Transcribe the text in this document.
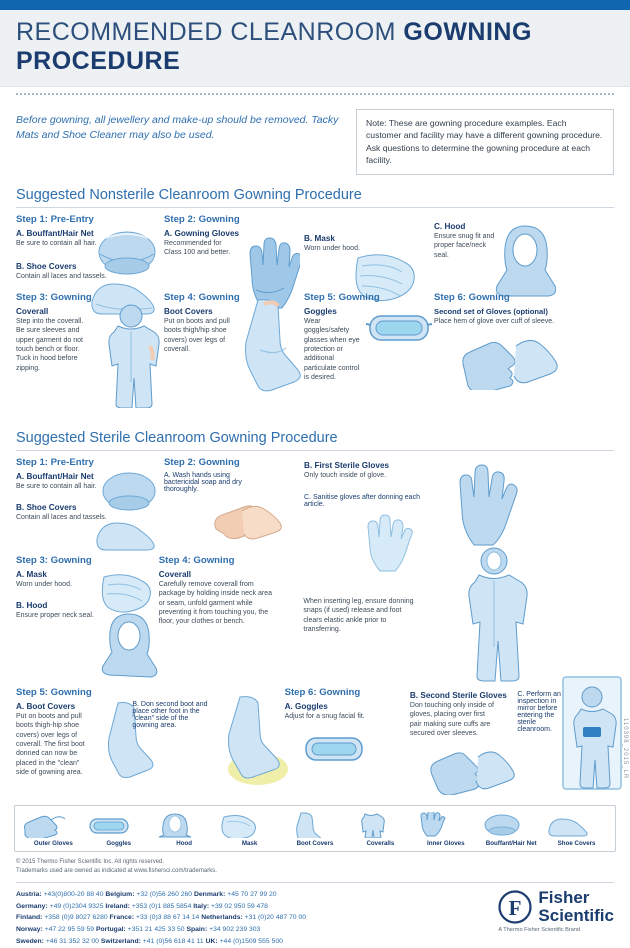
RECOMMENDED CLEANROOM GOWNING PROCEDURE
Before gowning, all jewellery and make-up should be removed. Tacky Mats and Shoe Cleaner may also be used.
Note: These are gowning procedure examples. Each customer and facility may have a different gowning procedure. Ask questions to determine the gowning procedure at each facility.
Suggested Nonsterile Cleanroom Gowning Procedure
Step 1: Pre-Entry
A. Bouffant/Hair Net
Be sure to contain all hair.
B. Shoe Covers
Contain all laces and tassels.
Step 2: Gowning
A. Gowning Gloves
Recommended for Class 100 and better.
B. Mask
Worn under hood.
C. Hood
Ensure snug fit and proper face/neck seal.
Step 3: Gowning
Coverall
Step into the coverall. Be sure sleeves and upper garment do not touch bench or floor. Tuck in hood before zipping.
Step 4: Gowning
Boot Covers
Put on boots and pull boots thigh/hip shoe covers) over legs of coverall.
Step 5: Gowning
Goggles
Wear goggles/safety glasses when eye protection or additional particulate control is desired.
Step 6: Gowning
Second set of Gloves (optional)
Place hem of glove over cuff of sleeve.
Suggested Sterile Cleanroom Gowning Procedure
Step 1: Pre-Entry
A. Bouffant/Hair Net
Be sure to contain all hair.
B. Shoe Covers
Contain all laces and tassels.
Step 2: Gowning
A. Wash hands using bactericidal soap and dry thoroughly.
B. First Sterile Gloves
Only touch inside of glove.
C. Sanitise gloves after donning each article.
Step 3: Gowning
A. Mask
Worn under hood.
B. Hood
Ensure proper neck seal.
Step 4: Gowning
Coverall
Carefully remove coverall from package by holding inside neck area or seam, unfold garment while preventing it from touching you, the floor, your clothes or bench.
When inserting leg, ensure donning snaps (if used) release and foot clears elastic ankle prior to transferring.
Step 5: Gowning
A. Boot Covers
Put on boots and pull boots thigh-hip shoe covers) over legs of coverall. The first boot donned can now be placed in the "clean" side of gowning area.
B. Don second boot and place other foot in the "clean" side of the gowning area.
Step 6: Gowning
A. Goggles
Adjust for a snug facial fit.
B. Second Sterile Gloves
Don touching only inside of gloves, placing over first pair making sure cuffs are secured over sleeves.
C. Perform an inspection in mirror before entering the sterile cleanroom.
Outer Gloves	Goggles	Hood	Mask	Boot Covers	Coveralls	Inner Gloves	Bouffant/Hair Net	Shoe Covers
© 2015 Thermo Fisher Scientific Inc. All rights reserved.
Trademarks used are owned as indicated at www.fishersci.com/trademarks.
Austria: +43(0)800-20 88 40 Belgium: +32 (0)56 260 260 Denmark: +45 70 27 99 20
Germany: +49 (0)2304 9325 Ireland: +353 (0)1 885 5854 Italy: +39 02 950 59 478
Finland: +358 (0)9 8027 6280 France: +33 (0)3 88 67 14 14 Netherlands: +31 (0)20 487 70 00
Norway: +47 22 95 59 59 Portugal: +351 21 425 33 50 Spain: +34 902 239 303
Sweden: +46 31 352 32 00 Switzerland: +41 (0)56 618 41 11 UK: +44 (0)1509 555 500
F Fisher
Scientific
A Thermo Fisher Scientific Brand
110398_2015_LR
